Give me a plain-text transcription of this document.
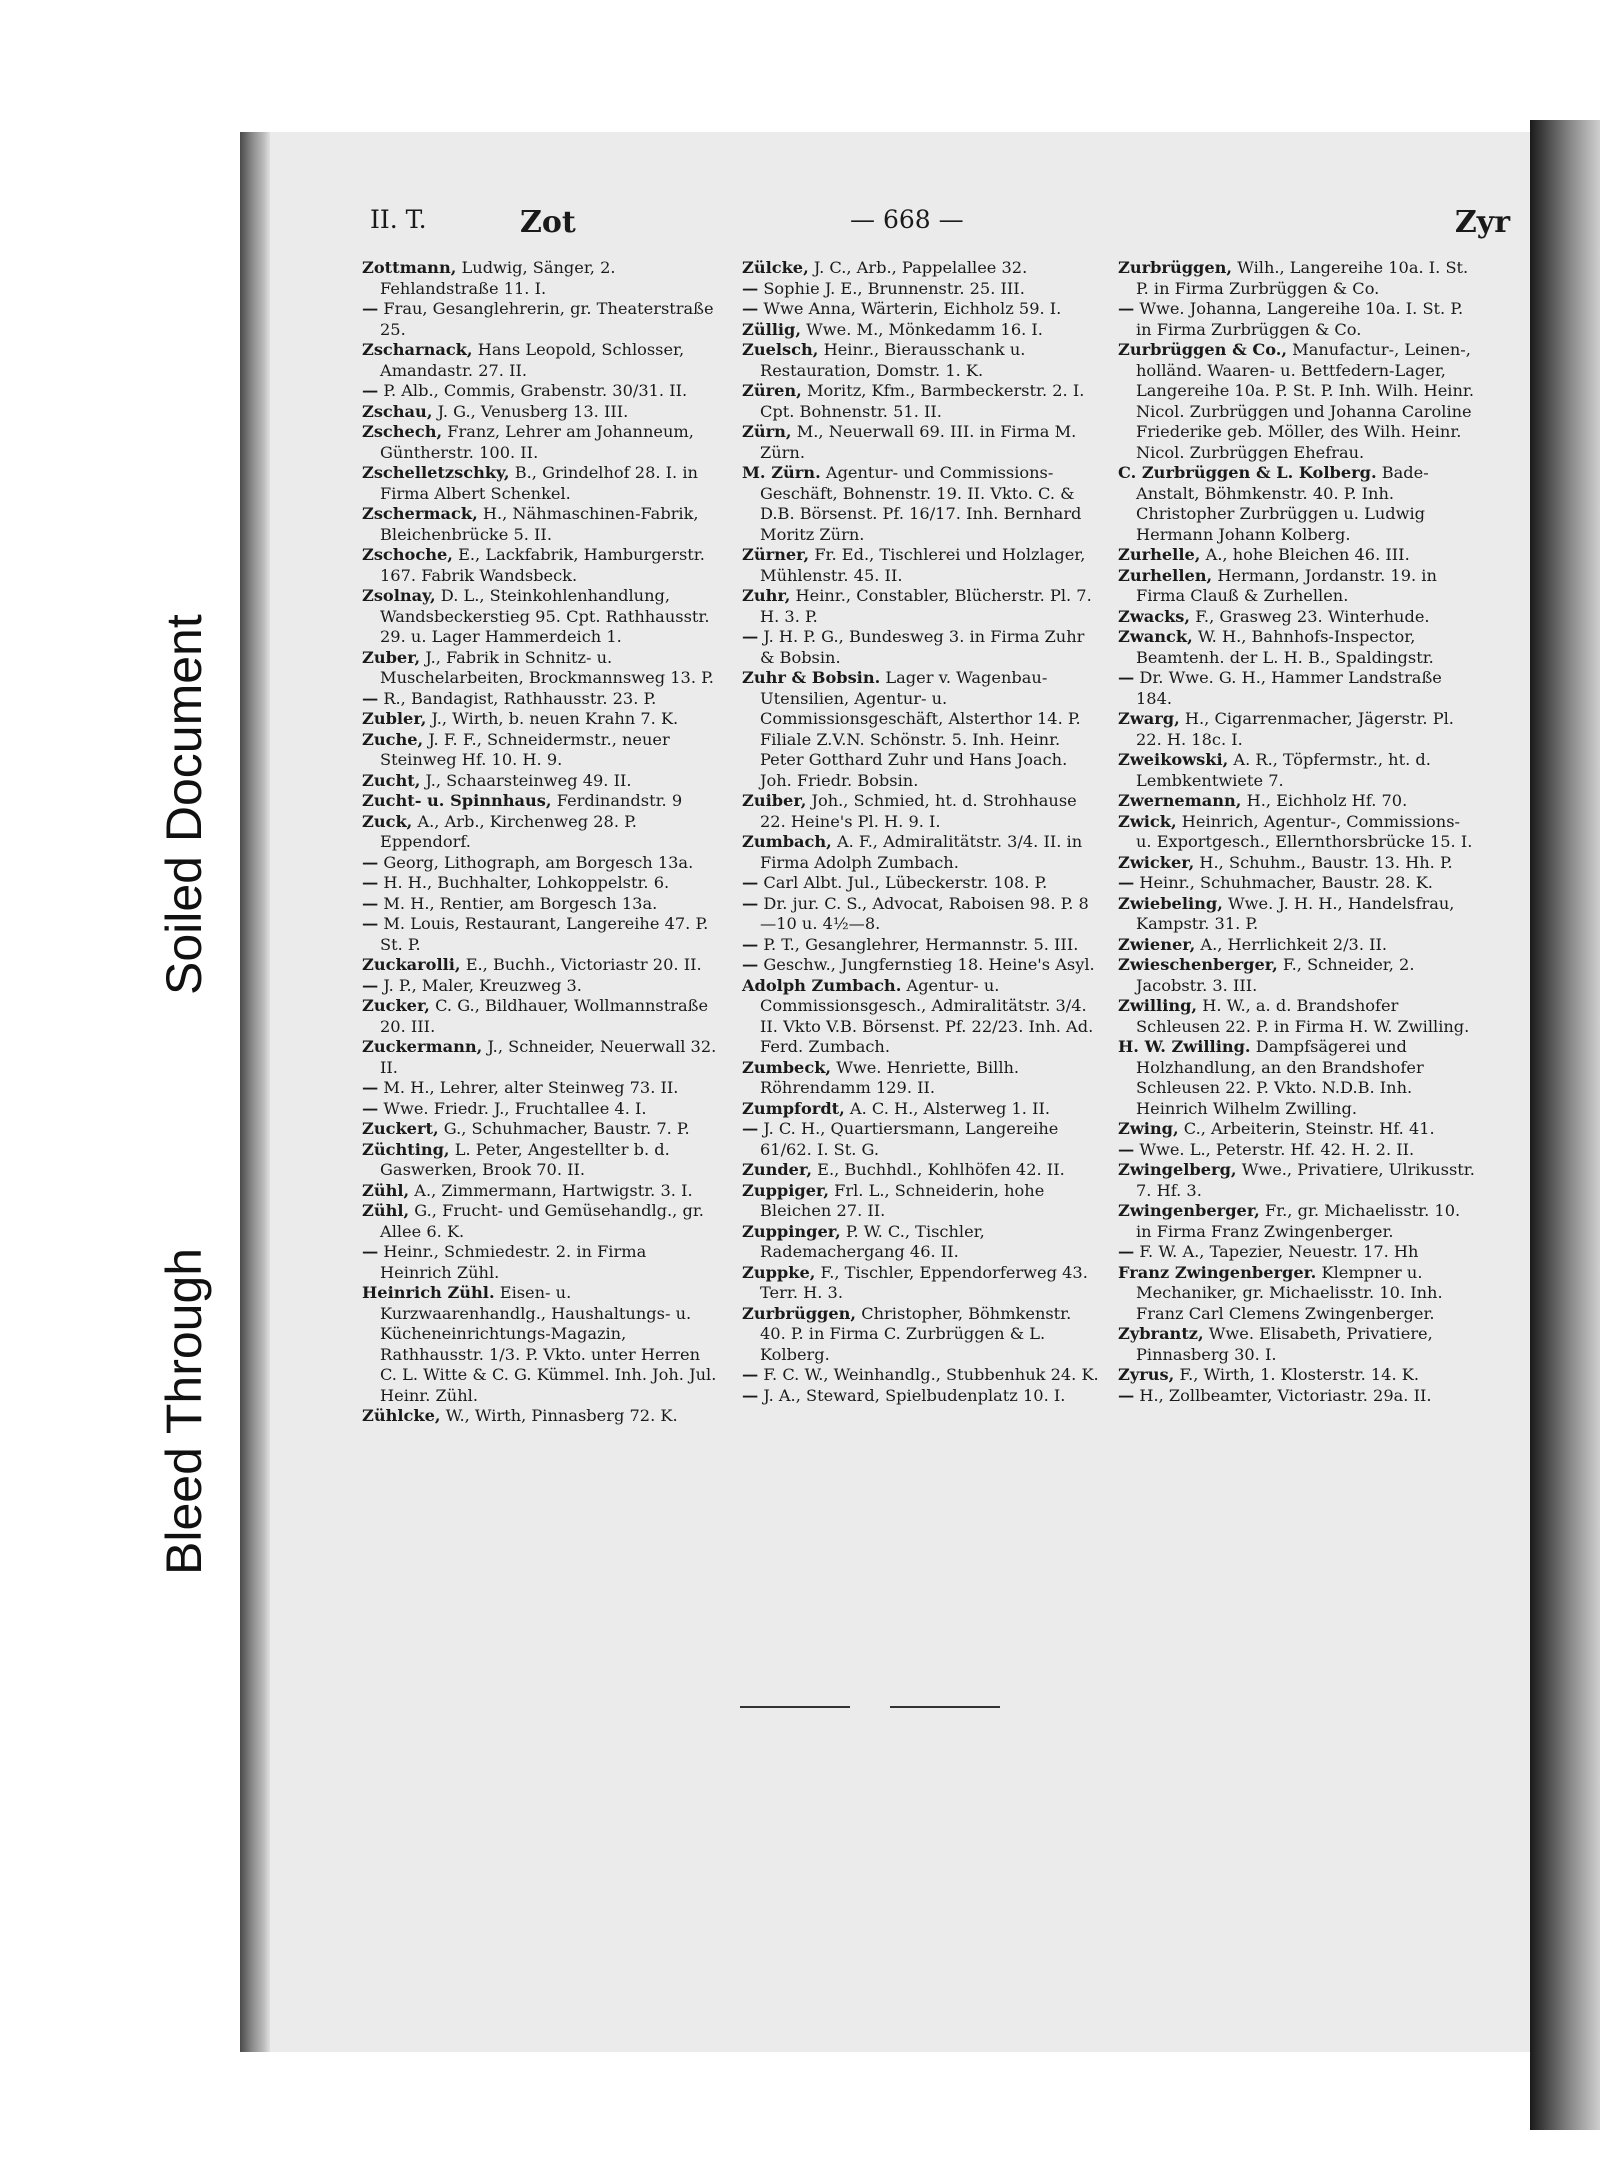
Soiled Document
Bleed Through
II. T.	Zot	— 668 —	Zyr

Zottmann, Ludwig, Sänger, 2. Fehlandstraße 11. I.

— Frau, Gesanglehrerin, gr. Theaterstraße 25.

Zscharnack, Hans Leopold, Schlosser, Amandastr. 27. II.

— P. Alb., Commis, Grabenstr. 30/31. II.

Zschau, J. G., Venusberg 13. III.

Zschech, Franz, Lehrer am Johanneum, Güntherstr. 100. II.

Zschelletzschky, B., Grindelhof 28. I. in Firma Albert Schenkel.

Zschermack, H., Nähmaschinen-Fabrik, Bleichenbrücke 5. II.

Zschoche, E., Lackfabrik, Hamburgerstr. 167. Fabrik Wandsbeck.

Zsolnay, D. L., Steinkohlenhandlung, Wandsbeckerstieg 95. Cpt. Rathhausstr. 29. u. Lager Hammerdeich 1.

Zuber, J., Fabrik in Schnitz- u. Muschelarbeiten, Brockmannsweg 13. P.

— R., Bandagist, Rathhausstr. 23. P.

Zubler, J., Wirth, b. neuen Krahn 7. K.

Zuche, J. F. F., Schneidermstr., neuer Steinweg Hf. 10. H. 9.

Zucht, J., Schaarsteinweg 49. II.

Zucht- u. Spinnhaus, Ferdinandstr. 9

Zuck, A., Arb., Kirchenweg 28. P. Eppendorf.

— Georg, Lithograph, am Borgesch 13a.

— H. H., Buchhalter, Lohkoppelstr. 6.

— M. H., Rentier, am Borgesch 13a.

— M. Louis, Restaurant, Langereihe 47. P. St. P.

Zuckarolli, E., Buchh., Victoriastr 20. II.

— J. P., Maler, Kreuzweg 3.

Zucker, C. G., Bildhauer, Wollmannstraße 20. III.

Zuckermann, J., Schneider, Neuerwall 32. II.

— M. H., Lehrer, alter Steinweg 73. II.

— Wwe. Friedr. J., Fruchtallee 4. I.

Zuckert, G., Schuhmacher, Baustr. 7. P.

Züchting, L. Peter, Angestellter b. d. Gaswerken, Brook 70. II.

Zühl, A., Zimmermann, Hartwigstr. 3. I.

Zühl, G., Frucht- und Gemüsehandlg., gr. Allee 6. K.

— Heinr., Schmiedestr. 2. in Firma Heinrich Zühl.

Heinrich Zühl. Eisen- u. Kurzwaarenhandlg., Haushaltungs- u. Kücheneinrichtungs-Magazin, Rathhausstr. 1/3. P. Vkto. unter Herren C. L. Witte & C. G. Kümmel. Inh. Joh. Jul. Heinr. Zühl.

Zühlcke, W., Wirth, Pinnasberg 72. K.

Zülcke, J. C., Arb., Pappelallee 32.

— Sophie J. E., Brunnenstr. 25. III.

— Wwe Anna, Wärterin, Eichholz 59. I.

Züllig, Wwe. M., Mönkedamm 16. I.

Zuelsch, Heinr., Bierausschank u. Restauration, Domstr. 1. K.

Züren, Moritz, Kfm., Barmbeckerstr. 2. I. Cpt. Bohnenstr. 51. II.

Zürn, M., Neuerwall 69. III. in Firma M. Zürn.

M. Zürn. Agentur- und Commissions-Geschäft, Bohnenstr. 19. II. Vkto. C. & D.B. Börsenst. Pf. 16/17. Inh. Bernhard Moritz Zürn.

Zürner, Fr. Ed., Tischlerei und Holzlager, Mühlenstr. 45. II.

Zuhr, Heinr., Constabler, Blücherstr. Pl. 7. H. 3. P.

— J. H. P. G., Bundesweg 3. in Firma Zuhr & Bobsin.

Zuhr & Bobsin. Lager v. Wagenbau-Utensilien, Agentur- u. Commissionsgeschäft, Alsterthor 14. P. Filiale Z.V.N. Schönstr. 5. Inh. Heinr. Peter Gotthard Zuhr und Hans Joach. Joh. Friedr. Bobsin.

Zuiber, Joh., Schmied, ht. d. Strohhause 22. Heine's Pl. H. 9. I.

Zumbach, A. F., Admiralitätstr. 3/4. II. in Firma Adolph Zumbach.

— Carl Albt. Jul., Lübeckerstr. 108. P.

— Dr. jur. C. S., Advocat, Raboisen 98. P. 8—10 u. 4½—8.

— P. T., Gesanglehrer, Hermannstr. 5. III.

— Geschw., Jungfernstieg 18. Heine's Asyl.

Adolph Zumbach. Agentur- u. Commissionsgesch., Admiralitätstr. 3/4. II. Vkto V.B. Börsenst. Pf. 22/23. Inh. Ad. Ferd. Zumbach.

Zumbeck, Wwe. Henriette, Billh. Röhrendamm 129. II.

Zumpfordt, A. C. H., Alsterweg 1. II.

— J. C. H., Quartiersmann, Langereihe 61/62. I. St. G.

Zunder, E., Buchhdl., Kohlhöfen 42. II.

Zuppiger, Frl. L., Schneiderin, hohe Bleichen 27. II.

Zuppinger, P. W. C., Tischler, Rademachergang 46. II.

Zuppke, F., Tischler, Eppendorferweg 43. Terr. H. 3.

Zurbrüggen, Christopher, Böhmkenstr. 40. P. in Firma C. Zurbrüggen & L. Kolberg.

— F. C. W., Weinhandlg., Stubbenhuk 24. K.

— J. A., Steward, Spielbudenplatz 10. I.

Zurbrüggen, Wilh., Langereihe 10a. I. St. P. in Firma Zurbrüggen & Co.

— Wwe. Johanna, Langereihe 10a. I. St. P. in Firma Zurbrüggen & Co.

Zurbrüggen & Co., Manufactur-, Leinen-, holländ. Waaren- u. Bettfedern-Lager, Langereihe 10a. P. St. P. Inh. Wilh. Heinr. Nicol. Zurbrüggen und Johanna Caroline Friederike geb. Möller, des Wilh. Heinr. Nicol. Zurbrüggen Ehefrau.

C. Zurbrüggen & L. Kolberg. Bade-Anstalt, Böhmkenstr. 40. P. Inh. Christopher Zurbrüggen u. Ludwig Hermann Johann Kolberg.

Zurhelle, A., hohe Bleichen 46. III.

Zurhellen, Hermann, Jordanstr. 19. in Firma Clauß & Zurhellen.

Zwacks, F., Grasweg 23. Winterhude.

Zwanck, W. H., Bahnhofs-Inspector, Beamtenh. der L. H. B., Spaldingstr.

— Dr. Wwe. G. H., Hammer Landstraße 184.

Zwarg, H., Cigarrenmacher, Jägerstr. Pl. 22. H. 18c. I.

Zweikowski, A. R., Töpfermstr., ht. d. Lembkentwiete 7.

Zwernemann, H., Eichholz Hf. 70.

Zwick, Heinrich, Agentur-, Commissions- u. Exportgesch., Ellernthorsbrücke 15. I.

Zwicker, H., Schuhm., Baustr. 13. Hh. P.

— Heinr., Schuhmacher, Baustr. 28. K.

Zwiebeling, Wwe. J. H. H., Handelsfrau, Kampstr. 31. P.

Zwiener, A., Herrlichkeit 2/3. II.

Zwieschenberger, F., Schneider, 2. Jacobstr. 3. III.

Zwilling, H. W., a. d. Brandshofer Schleusen 22. P. in Firma H. W. Zwilling.

H. W. Zwilling. Dampfsägerei und Holzhandlung, an den Brandshofer Schleusen 22. P. Vkto. N.D.B. Inh. Heinrich Wilhelm Zwilling.

Zwing, C., Arbeiterin, Steinstr. Hf. 41.

— Wwe. L., Peterstr. Hf. 42. H. 2. II.

Zwingelberg, Wwe., Privatiere, Ulrikusstr. 7. Hf. 3.

Zwingenberger, Fr., gr. Michaelisstr. 10. in Firma Franz Zwingenberger.

— F. W. A., Tapezier, Neuestr. 17. Hh

Franz Zwingenberger. Klempner u. Mechaniker, gr. Michaelisstr. 10. Inh. Franz Carl Clemens Zwingenberger.

Zybrantz, Wwe. Elisabeth, Privatiere, Pinnasberg 30. I.

Zyrus, F., Wirth, 1. Klosterstr. 14. K.

— H., Zollbeamter, Victoriastr. 29a. II.
